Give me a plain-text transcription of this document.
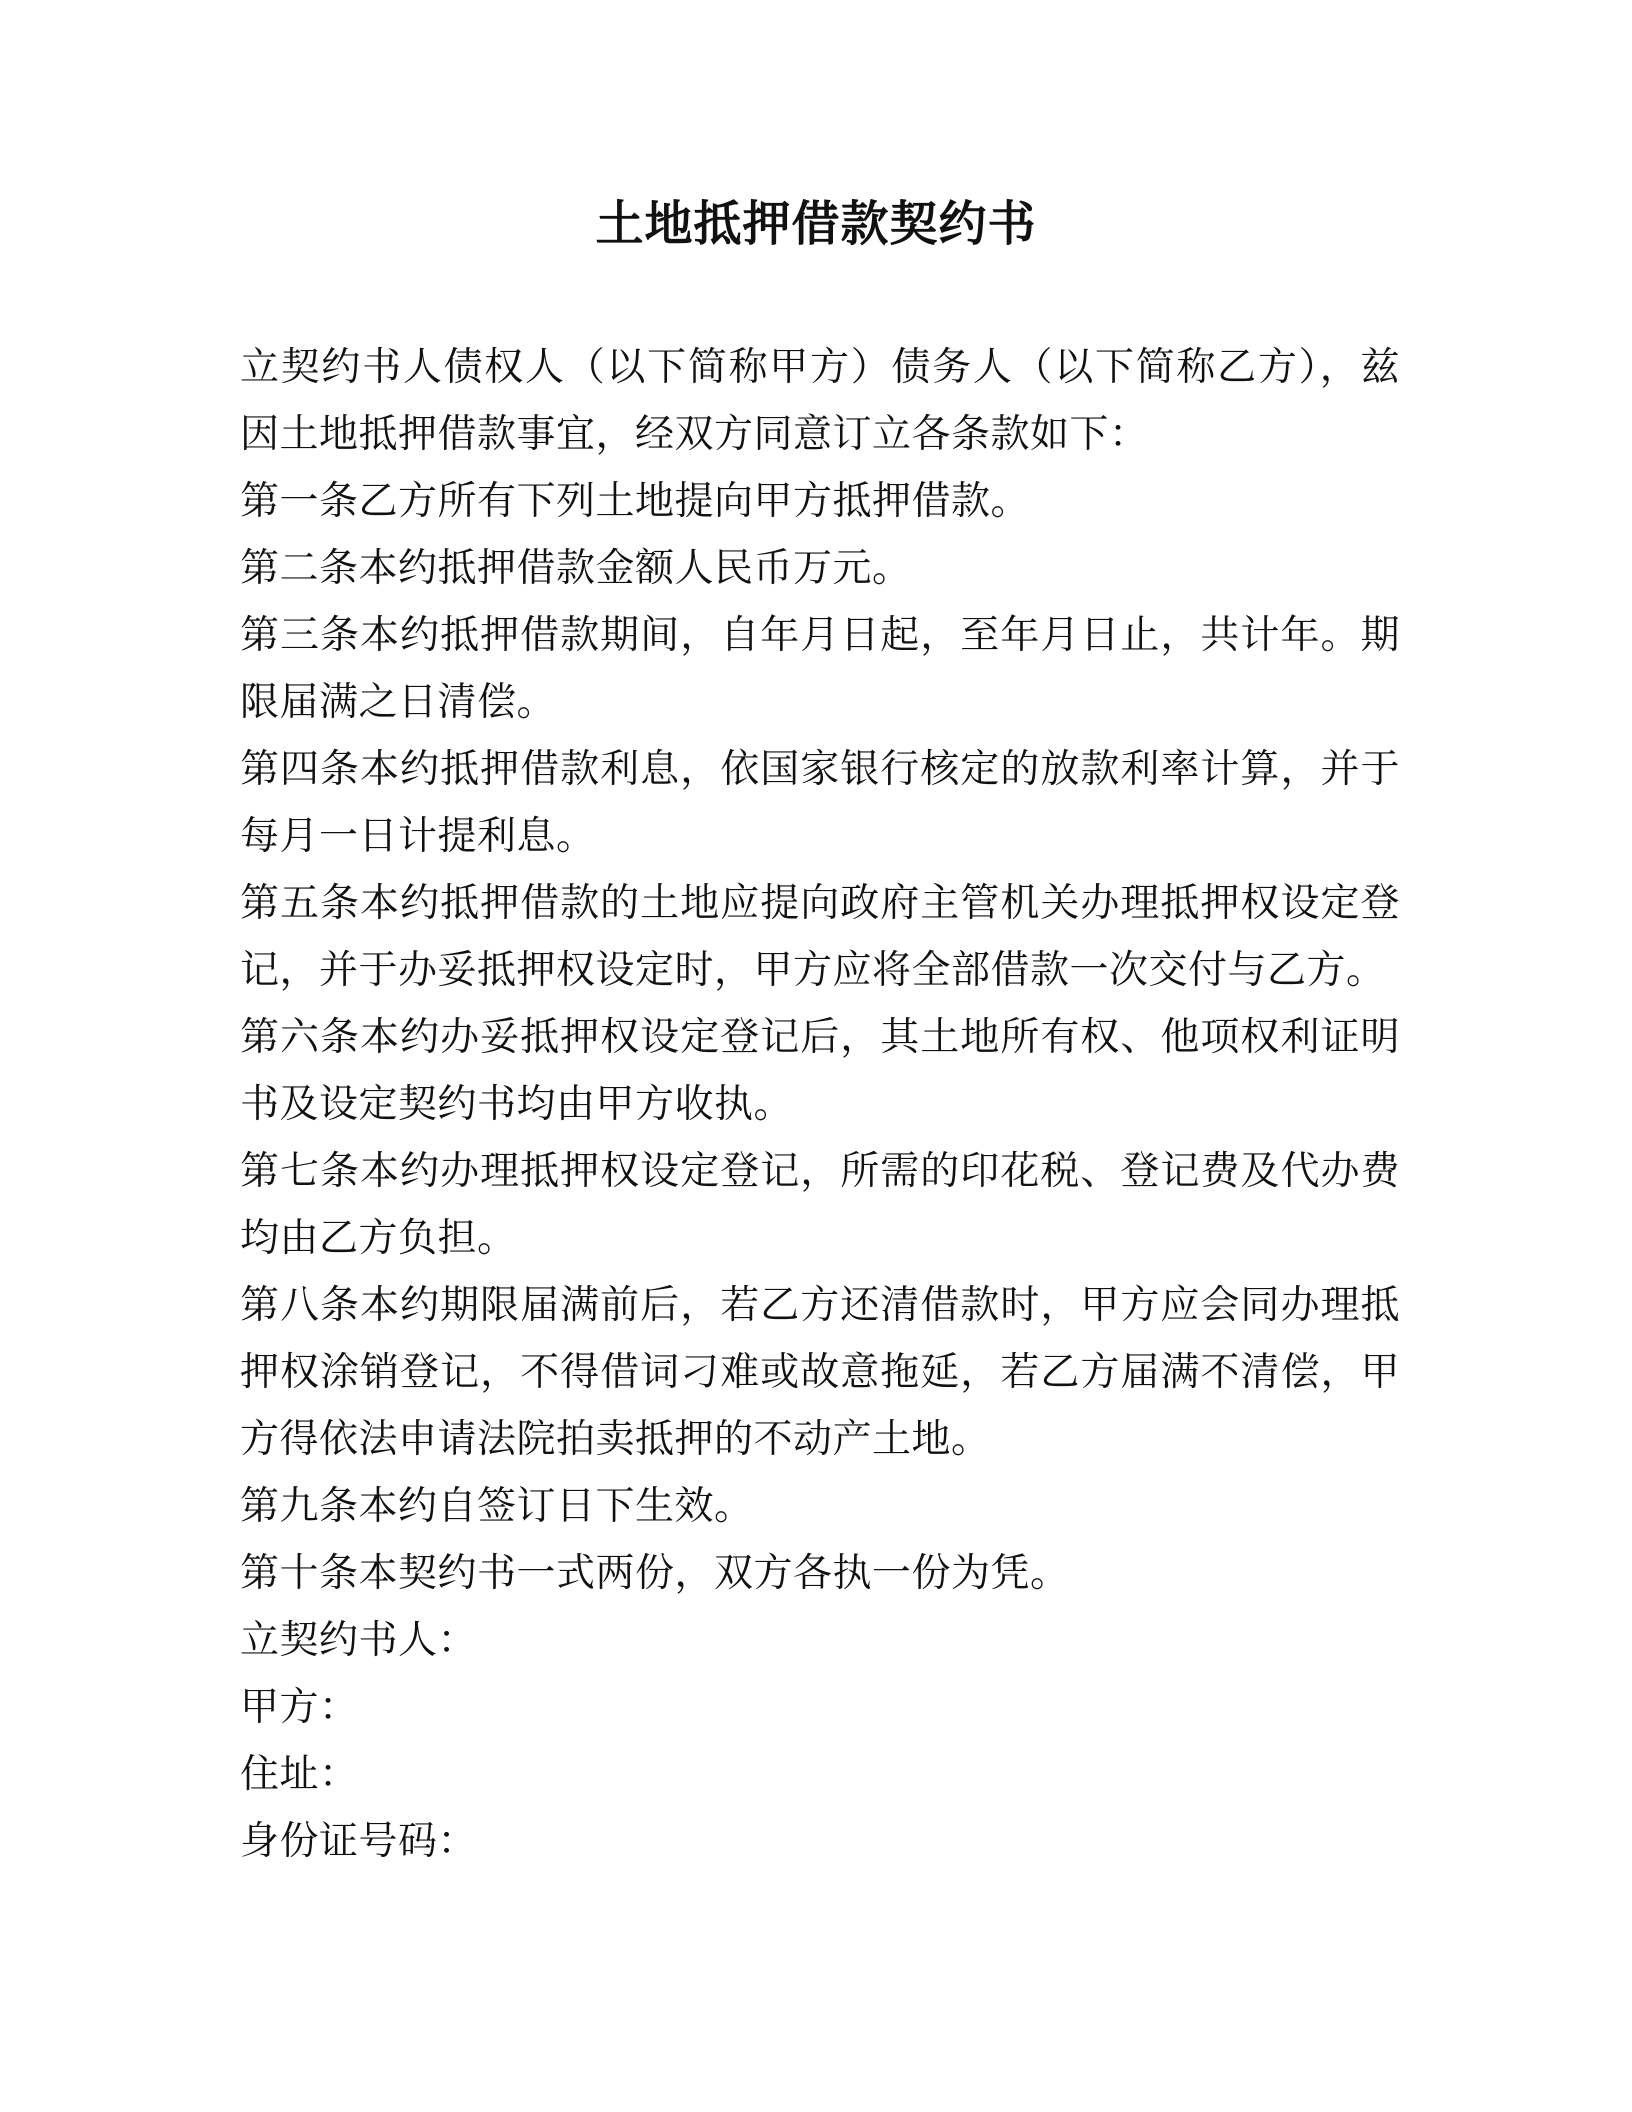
土地抵押借款契约书

立契约书人债权人（以下简称甲方）债务人（以下简称乙方），兹因土地抵押借款事宜，经双方同意订立各条款如下：

第一条乙方所有下列土地提向甲方抵押借款。

第二条本约抵押借款金额人民币万元。

第三条本约抵押借款期间，自年月日起，至年月日止，共计年。期限届满之日清偿。

第四条本约抵押借款利息，依国家银行核定的放款利率计算，并于每月一日计提利息。

第五条本约抵押借款的土地应提向政府主管机关办理抵押权设定登记，并于办妥抵押权设定时，甲方应将全部借款一次交付与乙方。

第六条本约办妥抵押权设定登记后，其土地所有权、他项权利证明书及设定契约书均由甲方收执。

第七条本约办理抵押权设定登记，所需的印花税、登记费及代办费均由乙方负担。

第八条本约期限届满前后，若乙方还清借款时，甲方应会同办理抵押权涂销登记，不得借词刁难或故意拖延，若乙方届满不清偿，甲方得依法申请法院拍卖抵押的不动产土地。

第九条本约自签订日下生效。

第十条本契约书一式两份，双方各执一份为凭。

立契约书人：

甲方：

住址：

身份证号码：
